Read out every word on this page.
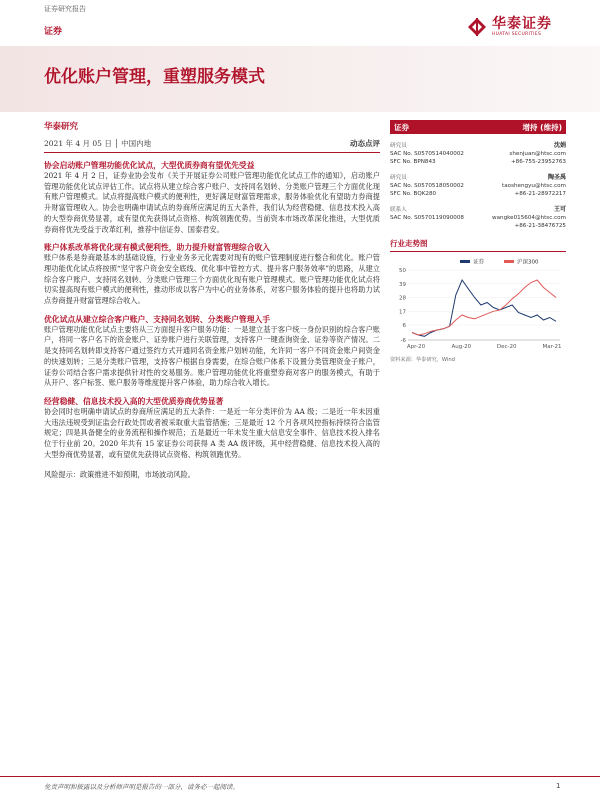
证券研究报告
证券	华泰证券
HUATAI SECURITIES
优化账户管理，重塑服务模式
华泰研究
2021 年 4 月 05 日 │ 中国内地	动态点评
协会启动账户管理功能优化试点，大型优质券商有望优先受益
2021 年 4 月 2 日，证券业协会发布《关于开展证券公司账户管理功能优化试点工作的通知》，启动账户管理功能优化试点评估工作。试点将从建立综合客户账户、支持同名划转、分类账户管理三个方面优化现有账户管理模式。试点将提高账户模式的便利性，更好满足财富管理需求，服务体验优化有望助力券商提升财富管理收入。协会也明确申请试点的券商所应满足的五大条件，我们认为经营稳健、信息技术投入高的大型券商优势显著，或有望优先获得试点资格、构筑领跑优势。当前资本市场改革深化推进，大型优质券商将优先受益于改革红利，推荐中信证券、国泰君安。
账户体系改革将优化现有模式便利性，助力提升财富管理综合收入
账户体系是券商最基本的基础设施，行业业务多元化需要对现有的账户管理制度进行整合和优化。账户管理功能优化试点将按照“坚守客户资金安全底线、优化事中管控方式、提升客户服务效率”的思路，从建立综合客户账户、支持同名划转、分类账户管理三个方面优化现有账户管理模式。账户管理功能优化试点将切实提高现有账户模式的便利性，推动形成以客户为中心的业务体系，对客户服务体验的提升也将助力试点券商提升财富管理综合收入。
优化试点从建立综合客户账户、支持同名划转、分类账户管理入手
账户管理功能优化试点主要将从三方面提升客户服务功能：一是建立基于客户统一身份识别的综合客户账户，将同一客户名下的资金账户、证券账户进行关联管理，支持客户一键查询资金、证券等资产情况。二是支持同名划转即支持客户通过签约方式开通同名资金账户划转功能，允许同一客户不同资金账户间资金的快速划转；三是分类账户管理，支持客户根据自身需要，在综合账户体系下设置分类管理资金子账户，证券公司结合客户需求提供针对性的交易服务。账户管理功能优化将重塑券商对客户的服务模式，有助于从开户、客户标签、账户服务等维度提升客户体验，助力综合收入增长。
经营稳健、信息技术投入高的大型优质券商优势显著
协会同时也明确申请试点的券商所应满足的五大条件：一是近一年分类评价为 AA 级；二是近一年未因重大违法违规受到证监会行政处罚或者被采取重大监管措施；三是最近 12 个月各项风控指标持续符合监管规定；四是具备健全的业务流程和操作规范；五是最近一年未发生重大信息安全事件、信息技术投入排名位于行业前 20。2020 年共有 15 家证券公司获得 A 类 AA 级评级，其中经营稳健、信息技术投入高的大型券商优势显著，或有望优先获得试点资格、构筑领跑优势。
风险提示：政策推进不如预期，市场波动风险。
证券	增持 (维持)
研究员	沈娟
SAC No. S0570514040002	shenjuan@htsc.com
SFC No. BPN843	+86-755-23952763
研究员	陶圣禹
SAC No. S0570518050002	taoshengyu@htsc.com
SFC No. BQK280	+86-21-28972217
联系人	王可
SAC No. S0570119090008	wangke015604@htsc.com
+86-21-38476725
行业走势图
50
39
28
17
6
-6
Apr-20	Aug-20	Dec-20	Mar-21
证券	沪深300
资料来源：华泰研究，Wind
免责声明和披露以及分析师声明是报告的一部分，请务必一起阅读。	1
